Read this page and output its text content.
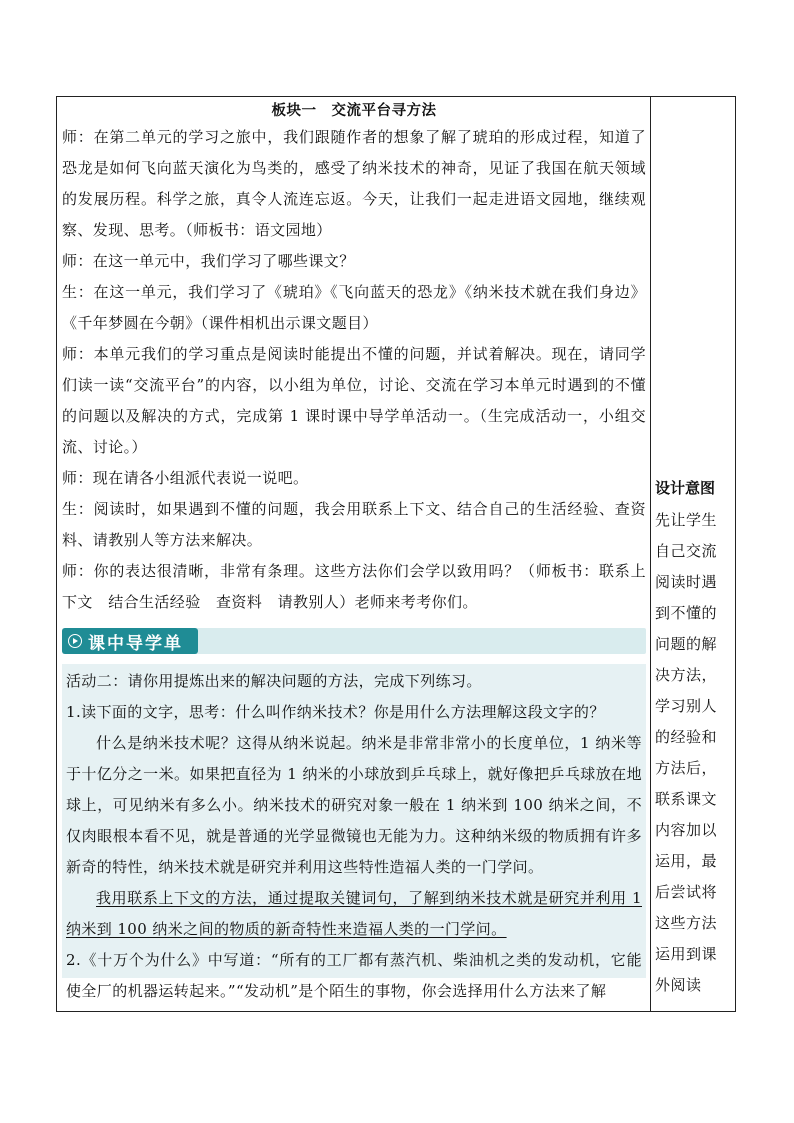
板块一　交流平台寻方法

师：在第二单元的学习之旅中，我们跟随作者的想象了解了琥珀的形成过程，知道了恐龙是如何飞向蓝天演化为鸟类的，感受了纳米技术的神奇，见证了我国在航天领域的发展历程。科学之旅，真令人流连忘返。今天，让我们一起走进语文园地，继续观察、发现、思考。（师板书：语文园地）

师：在这一单元中，我们学习了哪些课文？

生：在这一单元，我们学习了《琥珀》《飞向蓝天的恐龙》《纳米技术就在我们身边》《千年梦圆在今朝》（课件相机出示课文题目）

师：本单元我们的学习重点是阅读时能提出不懂的问题，并试着解决。现在，请同学们读一读“交流平台”的内容，以小组为单位，讨论、交流在学习本单元时遇到的不懂的问题以及解决的方式，完成第 1 课时课中导学单活动一。（生完成活动一，小组交流、讨论。）

师：现在请各小组派代表说一说吧。

生：阅读时，如果遇到不懂的问题，我会用联系上下文、结合自己的生活经验、查资料、请教别人等方法来解决。

师：你的表达很清晰，非常有条理。这些方法你们会学以致用吗？（师板书：联系上下文　结合生活经验　查资料　请教别人）老师来考考你们。

课中导学单

活动二：请你用提炼出来的解决问题的方法，完成下列练习。

1.读下面的文字，思考：什么叫作纳米技术？你是用什么方法理解这段文字的？

什么是纳米技术呢？这得从纳米说起。纳米是非常非常小的长度单位，1 纳米等于十亿分之一米。如果把直径为 1 纳米的小球放到乒乓球上，就好像把乒乓球放在地球上，可见纳米有多么小。纳米技术的研究对象一般在 1 纳米到 100 纳米之间，不仅肉眼根本看不见，就是普通的光学显微镜也无能为力。这种纳米级的物质拥有许多新奇的特性，纳米技术就是研究并利用这些特性造福人类的一门学问。

我用联系上下文的方法，通过提取关键词句，了解到纳米技术就是研究并利用 1 纳米到 100 纳米之间的物质的新奇特性来造福人类的一门学问。

2.《十万个为什么》中写道：“所有的工厂都有蒸汽机、柴油机之类的发动机，它能使全厂的机器运转起来。”“发动机”是个陌生的事物，你会选择用什么方法来了解

设计意图
先让学生自己交流阅读时遇到不懂的问题的解决方法，学习别人的经验和方法后，联系课文内容加以运用，最后尝试将这些方法运用到课外阅读
